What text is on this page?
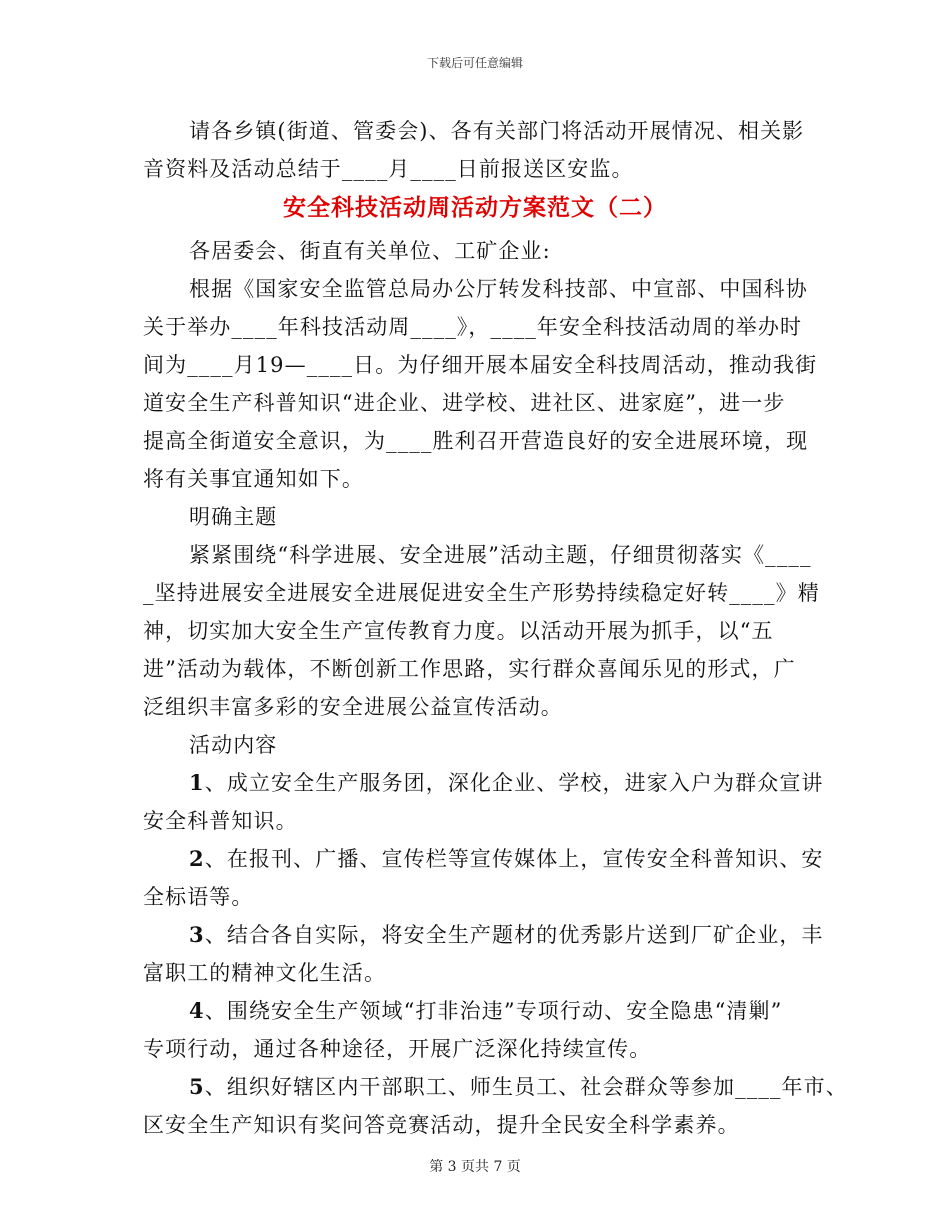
下载后可任意编辑
请各乡镇(街道、管委会)、各有关部门将活动开展情况、相关影
音资料及活动总结于____月____日前报送区安监。
安全科技活动周活动方案范文（二）
各居委会、街直有关单位、工矿企业:
根据《国家安全监管总局办公厅转发科技部、中宣部、中国科协
关于举办____年科技活动周____》，____年安全科技活动周的举办时
间为____月19—____日。为仔细开展本届安全科技周活动，推动我街
道安全生产科普知识“进企业、进学校、进社区、进家庭”，进一步
提高全街道安全意识，为____胜利召开营造良好的安全进展环境，现
将有关事宜通知如下。
明确主题
紧紧围绕“科学进展、安全进展”活动主题，仔细贯彻落实《____
_坚持进展安全进展安全进展促进安全生产形势持续稳定好转____》精
神，切实加大安全生产宣传教育力度。以活动开展为抓手，以“五
进”活动为载体，不断创新工作思路，实行群众喜闻乐见的形式，广
泛组织丰富多彩的安全进展公益宣传活动。
活动内容
1、成立安全生产服务团，深化企业、学校，进家入户为群众宣讲
安全科普知识。
2、在报刊、广播、宣传栏等宣传媒体上，宣传安全科普知识、安
全标语等。
3、结合各自实际，将安全生产题材的优秀影片送到厂矿企业，丰
富职工的精神文化生活。
4、围绕安全生产领域“打非治违”专项行动、安全隐患“清剿”
专项行动，通过各种途径，开展广泛深化持续宣传。
5、组织好辖区内干部职工、师生员工、社会群众等参加____年市、
区安全生产知识有奖问答竞赛活动，提升全民安全科学素养。
第 3 页共 7 页
